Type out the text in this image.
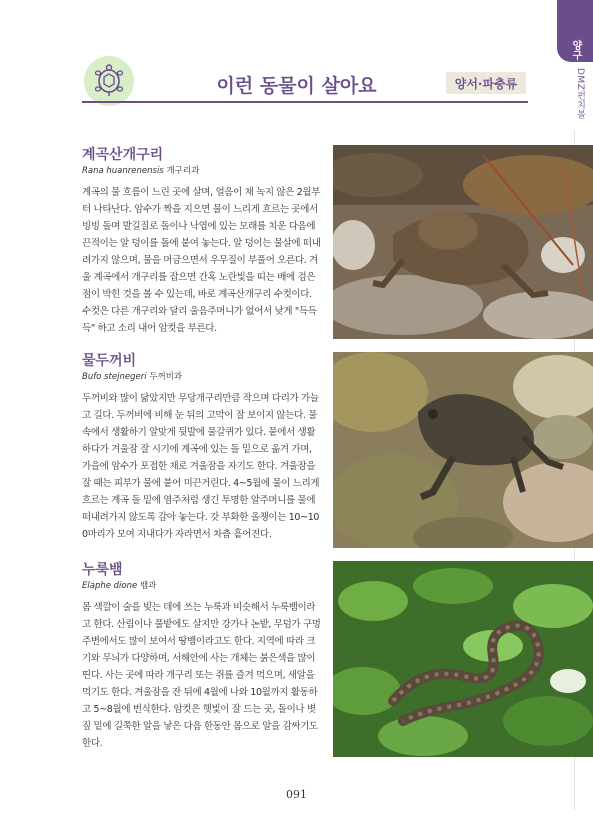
양구
DMZ펀치볼
이런 동물이 살아요	양서·파충류
계곡산개구리

Rana huanrenensis 개구리과

계곡의 물 흐름이 느린 곳에 살며, 얼음이 채 녹지 않은 2월부터 나타난다. 암수가 짝을 지으면 물이 느리게 흐르는 곳에서 빙빙 돌며 발길질로 돌이나 낙엽에 있는 모래를 치운 다음에 끈적이는 알 덩이를 돌에 붙여 놓는다. 알 덩이는 물살에 떠내려가지 않으며, 물을 머금으면서 우무질이 부풀어 오른다. 겨울 계곡에서 개구리를 잡으면 간혹 노란빛을 띠는 배에 검은 점이 박힌 것을 볼 수 있는데, 바로 계곡산개구리 수컷이다. 수컷은 다른 개구리와 달리 울음주머니가 없어서 낮게 "득득득" 하고 소리 내어 암컷을 부른다.

물두꺼비

Bufo stejnegeri 두꺼비과

두꺼비와 많이 닮았지만 무당개구리만큼 작으며 다리가 가늘고 길다. 두꺼비에 비해 눈 뒤의 고막이 잘 보이지 않는다. 물속에서 생활하기 알맞게 뒷발에 물갈퀴가 있다. 뭍에서 생활하다가 겨울잠 잘 시기에 계곡에 있는 돌 밑으로 옮겨 가며, 가을에 암수가 포접한 채로 겨울잠을 자기도 한다. 겨울잠을 잘 때는 피부가 물에 붙어 미끈거린다. 4~5월에 물이 느리게 흐르는 계곡 돌 밑에 염주처럼 생긴 투명한 알주머니를 물에 떠내려가지 않도록 감아 놓는다. 갓 부화한 올챙이는 10~100마리가 모여 지내다가 자라면서 차츰 흩어진다.

누룩뱀

Elaphe dione 뱀과

몸 색깔이 술을 빚는 데에 쓰는 누룩과 비슷해서 누룩뱀이라고 한다. 산림이나 풀밭에도 살지만 강가나 논밭, 무덤가 구멍 주변에서도 많이 보여서 땅뱀이라고도 한다. 지역에 따라 크기와 무늬가 다양하며, 서해안에 사는 개체는 붉은색을 많이 띤다. 사는 곳에 따라 개구리 또는 쥐를 즐겨 먹으며, 새알을 먹기도 한다. 겨울잠을 잔 뒤에 4월에 나와 10월까지 활동하고 5~8월에 번식한다. 암컷은 햇빛이 잘 드는 곳, 돌이나 볏짚 밑에 길쭉한 알을 낳은 다음 한동안 몸으로 알을 감싸기도 한다.

091
